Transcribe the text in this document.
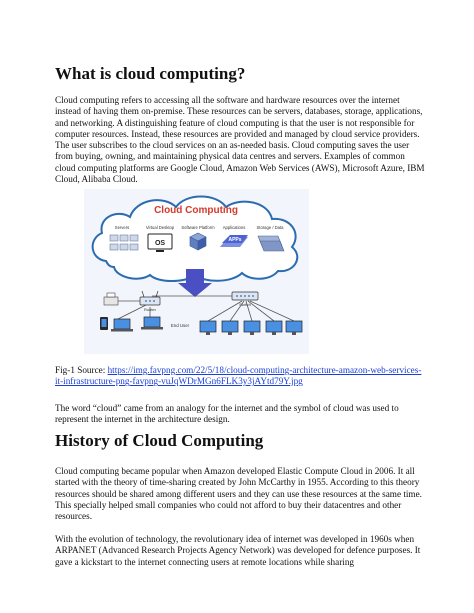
What is cloud computing?

Cloud computing refers to accessing all the software and hardware resources over the internet instead of having them on-premise. These resources can be servers, databases, storage, applications, and networking. A distinguishing feature of cloud computing is that the user is not responsible for computer resources. Instead, these resources are provided and managed by cloud service providers. The user subscribes to the cloud services on an as-needed basis. Cloud computing saves the user from buying, owning, and maintaining physical data centres and servers. Examples of common cloud computing platforms are Google Cloud, Amazon Web Services (AWS), Microsoft Azure, IBM Cloud, Alibaba Cloud.

Cloud Computing
Servers	Virtual Desktop Software Platform Applications	Storage / Data
OS	APPs
Router
Switch
End User

Fig-1 Source: https://img.favpng.com/22/5/18/cloud-computing-architecture-amazon-web-services-it-infrastructure-png-favpng-vuJqWDrMGn6FLK3y3jAYtd79Y.jpg

The word “cloud” came from an analogy for the internet and the symbol of cloud was used to represent the internet in the architecture design.

History of Cloud Computing

Cloud computing became popular when Amazon developed Elastic Compute Cloud in 2006. It all started with the theory of time-sharing created by John McCarthy in 1955. According to this theory resources should be shared among different users and they can use these resources at the same time. This specially helped small companies who could not afford to buy their datacentres and other resources.

With the evolution of technology, the revolutionary idea of internet was developed in 1960s when ARPANET (Advanced Research Projects Agency Network) was developed for defence purposes. It gave a kickstart to the internet connecting users at remote locations while sharing
